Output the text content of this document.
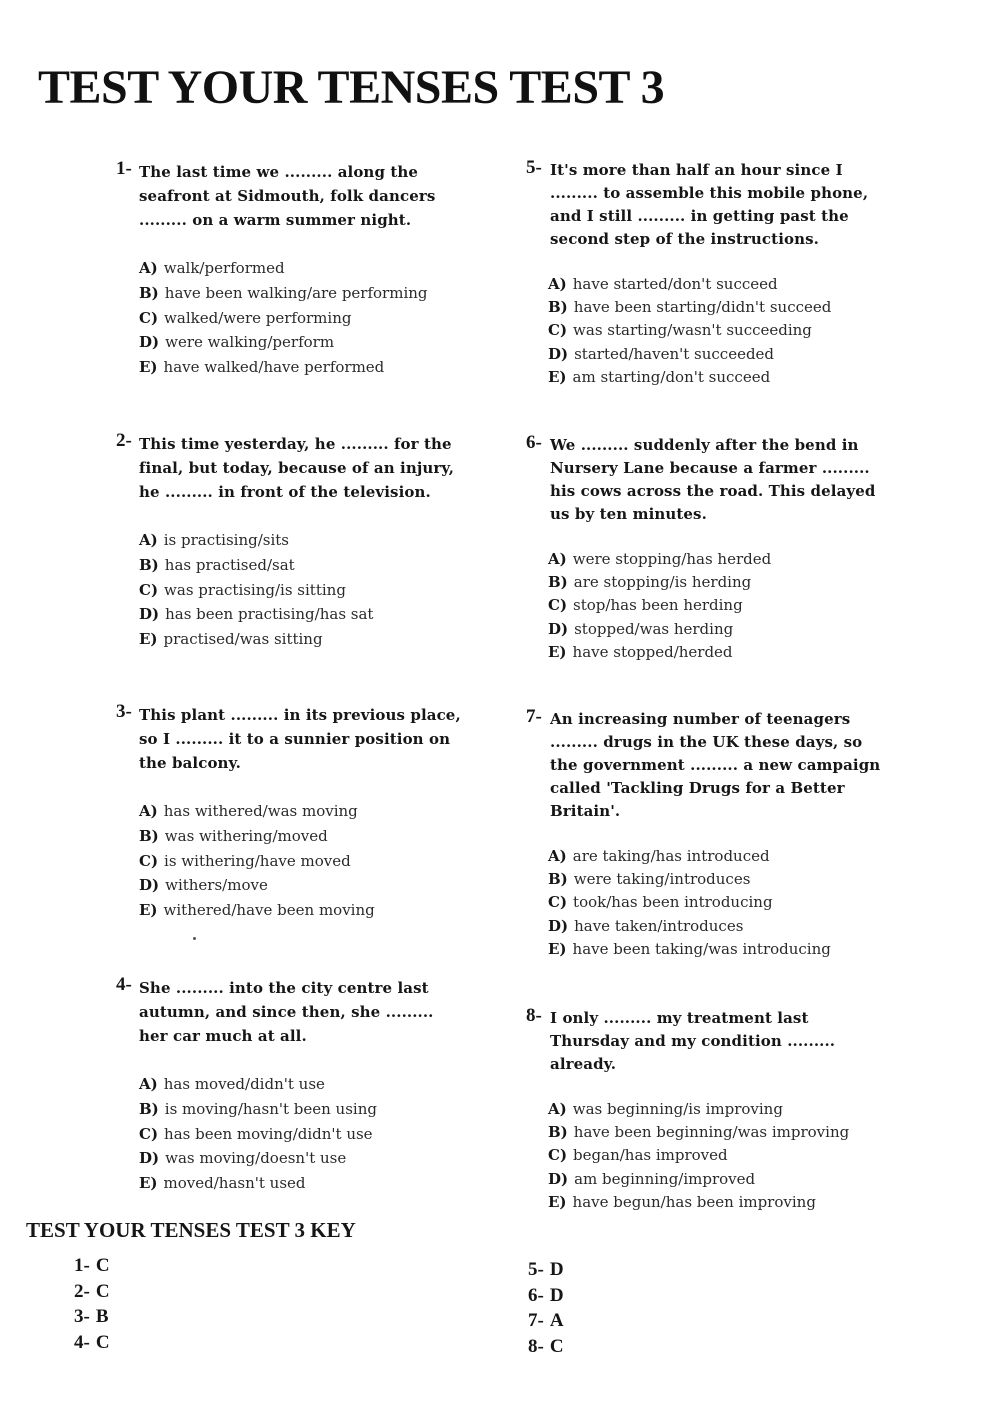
TEST YOUR TENSES TEST 3
1- The last time we ......... along the seafront at Sidmouth, folk dancers ......... on a warm summer night.

A) walk/performed
B) have been walking/are performing
C) walked/were performing
D) were walking/perform
E) have walked/have performed
2- This time yesterday, he ......... for the final, but today, because of an injury, he ......... in front of the television.

A) is practising/sits
B) has practised/sat
C) was practising/is sitting
D) has been practising/has sat
E) practised/was sitting
3- This plant ......... in its previous place, so I ......... it to a sunnier position on the balcony.

A) has withered/was moving
B) was withering/moved
C) is withering/have moved
D) withers/move
E) withered/have been moving
4- She ......... into the city centre last autumn, and since then, she ......... her car much at all.

A) has moved/didn't use
B) is moving/hasn't been using
C) has been moving/didn't use
D) was moving/doesn't use
E) moved/hasn't used
5- It's more than half an hour since I ......... to assemble this mobile phone, and I still ......... in getting past the second step of the instructions.

A) have started/don't succeed
B) have been starting/didn't succeed
C) was starting/wasn't succeeding
D) started/haven't succeeded
E) am starting/don't succeed
6- We ......... suddenly after the bend in Nursery Lane because a farmer ......... his cows across the road. This delayed us by ten minutes.

A) were stopping/has herded
B) are stopping/is herding
C) stop/has been herding
D) stopped/was herding
E) have stopped/herded
7- An increasing number of teenagers ......... drugs in the UK these days, so the government ......... a new campaign called 'Tackling Drugs for a Better Britain'.

A) are taking/has introduced
B) were taking/introduces
C) took/has been introducing
D) have taken/introduces
E) have been taking/was introducing
8- I only ......... my treatment last Thursday and my condition ......... already.

A) was beginning/is improving
B) have been beginning/was improving
C) began/has improved
D) am beginning/improved
E) have begun/has been improving
TEST YOUR TENSES TEST 3 KEY
1- C
2- C
3- B
4- C
5- D
6- D
7- A
8- C
